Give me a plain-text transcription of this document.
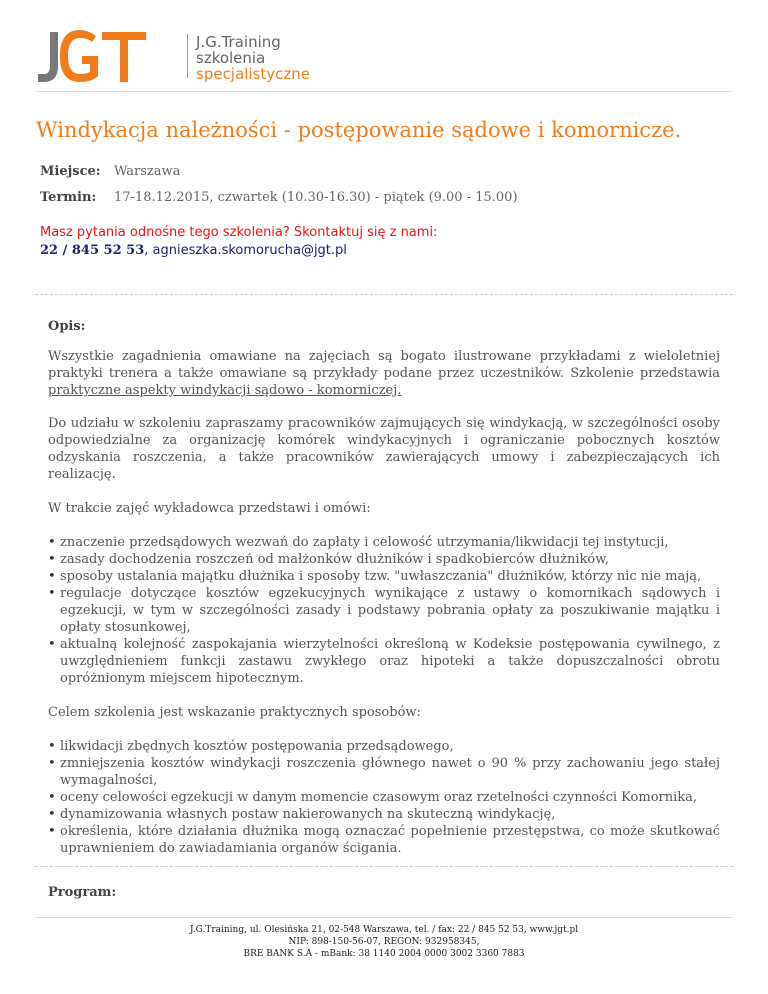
J.G.Training
szkolenia
specjalistyczne
Windykacja należności - postępowanie sądowe i komornicze.
Miejsce: Warszawa
Termin: 17-18.12.2015, czwartek (10.30-16.30) - piątek (9.00 - 15.00)
Masz pytania odnośne tego szkolenia? Skontaktuj się z nami:
22 / 845 52 53, agnieszka.skomorucha@jgt.pl
Opis:

Wszystkie zagadnienia omawiane na zajęciach są bogato ilustrowane przykładami z wieloletniej praktyki trenera a także omawiane są przykłady podane przez uczestników. Szkolenie przedstawia praktyczne aspekty windykacji sądowo - komorniczej.

Do udziału w szkoleniu zapraszamy pracowników zajmujących się windykacją, w szczególności osoby odpowiedzialne za organizację komórek windykacyjnych i ograniczanie pobocznych kosztów odzyskania roszczenia, a także pracowników zawierających umowy i zabezpieczających ich realizację.

W trakcie zajęć wykładowca przedstawi i omówi:

• znaczenie przedsądowych wezwań do zapłaty i celowość utrzymania/likwidacji tej instytucji,
• zasady dochodzenia roszczeń od małżonków dłużników i spadkobierców dłużników,
• sposoby ustalania majątku dłużnika i sposoby tzw. "uwłaszczania" dłużników, którzy nic nie mają,
• regulacje dotyczące kosztów egzekucyjnych wynikające z ustawy o komornikach sądowych i egzekucji, w tym w szczególności zasady i podstawy pobrania opłaty za poszukiwanie majątku i opłaty stosunkowej,
• aktualną kolejność zaspokajania wierzytelności określoną w Kodeksie postępowania cywilnego, z uwzględnieniem funkcji zastawu zwykłego oraz hipoteki a także dopuszczalności obrotu opróżnionym miejscem hipotecznym.

Celem szkolenia jest wskazanie praktycznych sposobów:

• likwidacji zbędnych kosztów postępowania przedsądowego,
• zmniejszenia kosztów windykacji roszczenia głównego nawet o 90 % przy zachowaniu jego stałej wymagalności,
• oceny celowości egzekucji w danym momencie czasowym oraz rzetelności czynności Komornika,
• dynamizowania własnych postaw nakierowanych na skuteczną windykację,
• określenia, które działania dłużnika mogą oznaczać popełnienie przestępstwa, co może skutkować uprawnieniem do zawiadamiania organów ścigania.
Program:
J.G.Training, ul. Olesińska 21, 02-548 Warszawa, tel. / fax: 22 / 845 52 53, www.jgt.pl
NIP: 898-150-56-07, REGON: 932958345,
BRE BANK S.A - mBank: 38 1140 2004 0000 3002 3360 7883
